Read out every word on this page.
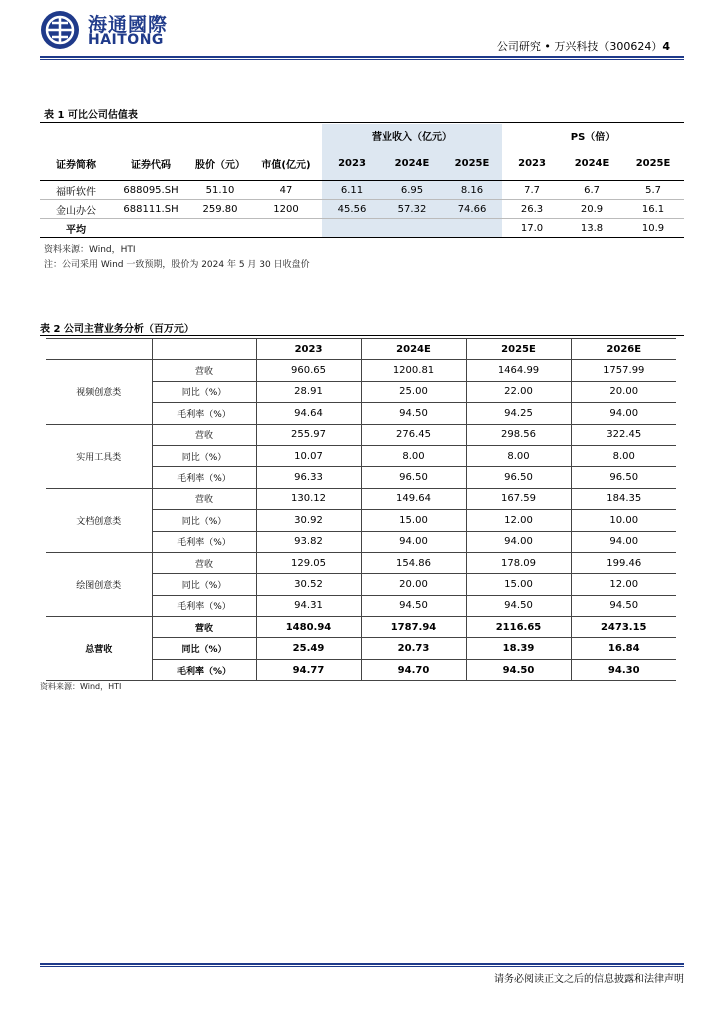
海通國際
HAITONG	公司研究 • 万兴科技（300624）4
表 1 可比公司估值表
				营业收入（亿元）			PS（倍）		
证券简称	证券代码	股价（元）	市值(亿元)	2023	2024E	2025E	2023	2024E	2025E
福昕软件	688095.SH	51.10	47	6.11	6.95	8.16	7.7	6.7	5.7
金山办公	688111.SH	259.80	1200	45.56	57.32	74.66	26.3	20.9	16.1
平均							17.0	13.8	10.9
资料来源：Wind，HTI
注：公司采用 Wind 一致预期，股价为 2024 年 5 月 30 日收盘价
表 2 公司主营业务分析（百万元）
		2023	2024E	2025E	2026E
视频创意类	营收	960.65	1200.81	1464.99	1757.99
	同比（%）	28.91	25.00	22.00	20.00
	毛利率（%）	94.64	94.50	94.25	94.00
实用工具类	营收	255.97	276.45	298.56	322.45
	同比（%）	10.07	8.00	8.00	8.00
	毛利率（%）	96.33	96.50	96.50	96.50
文档创意类	营收	130.12	149.64	167.59	184.35
	同比（%）	30.92	15.00	12.00	10.00
	毛利率（%）	93.82	94.00	94.00	94.00
绘图创意类	营收	129.05	154.86	178.09	199.46
	同比（%）	30.52	20.00	15.00	12.00
	毛利率（%）	94.31	94.50	94.50	94.50
总营收	营收	1480.94	1787.94	2116.65	2473.15
	同比（%）	25.49	20.73	18.39	16.84
	毛利率（%）	94.77	94.70	94.50	94.30
资料来源：Wind，HTI
请务必阅读正文之后的信息披露和法律声明
